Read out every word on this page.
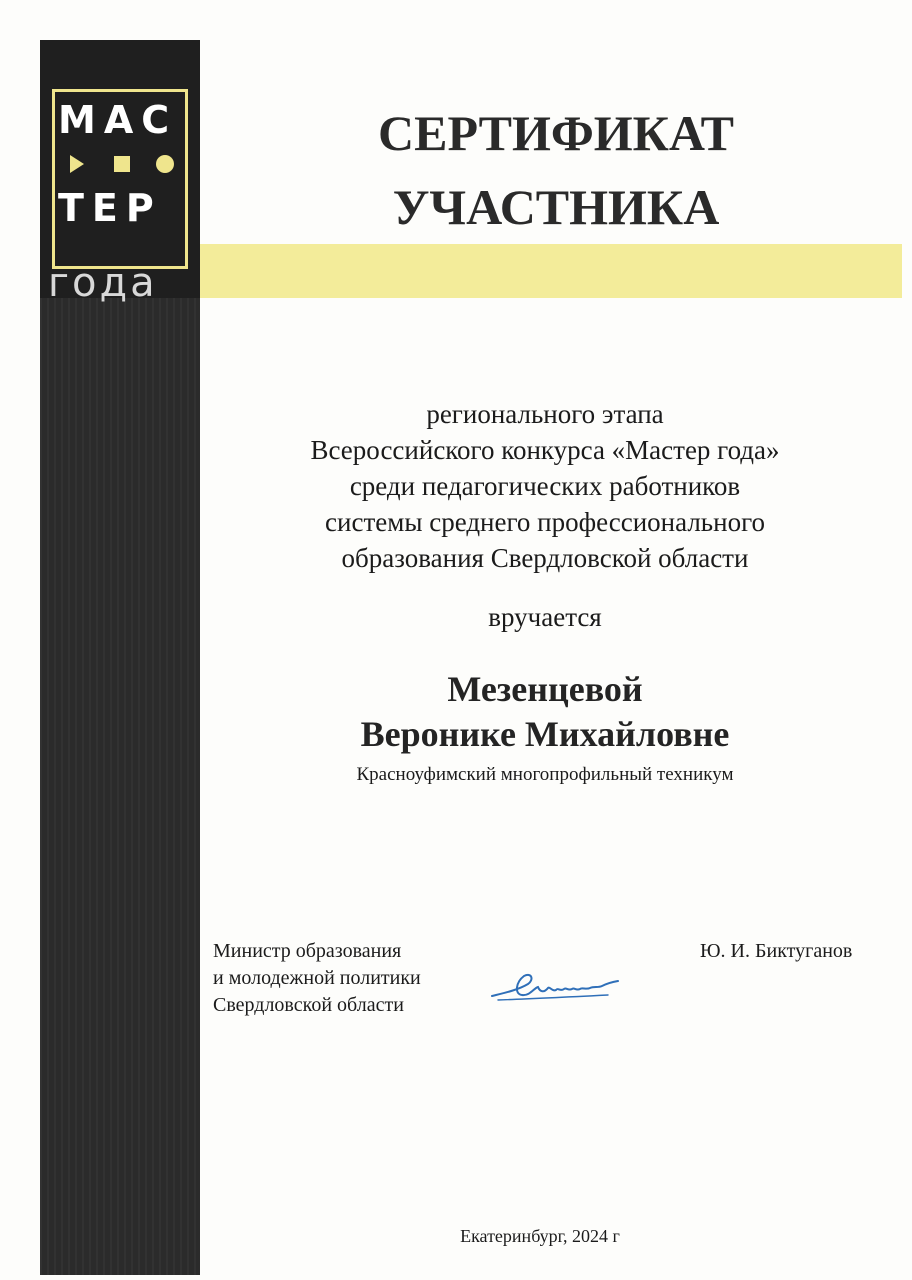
МАС
ТЕР
года
СЕРТИФИКАТ
УЧАСТНИКА
регионального этапа
Всероссийского конкурса «Мастер года»
среди педагогических работников
системы среднего профессионального
образования Свердловской области
вручается
Мезенцевой
Веронике Михайловне
Красноуфимский многопрофильный техникум
Министр образования
и молодежной политики
Свердловской области
Ю. И. Биктуганов
Екатеринбург, 2024 г
